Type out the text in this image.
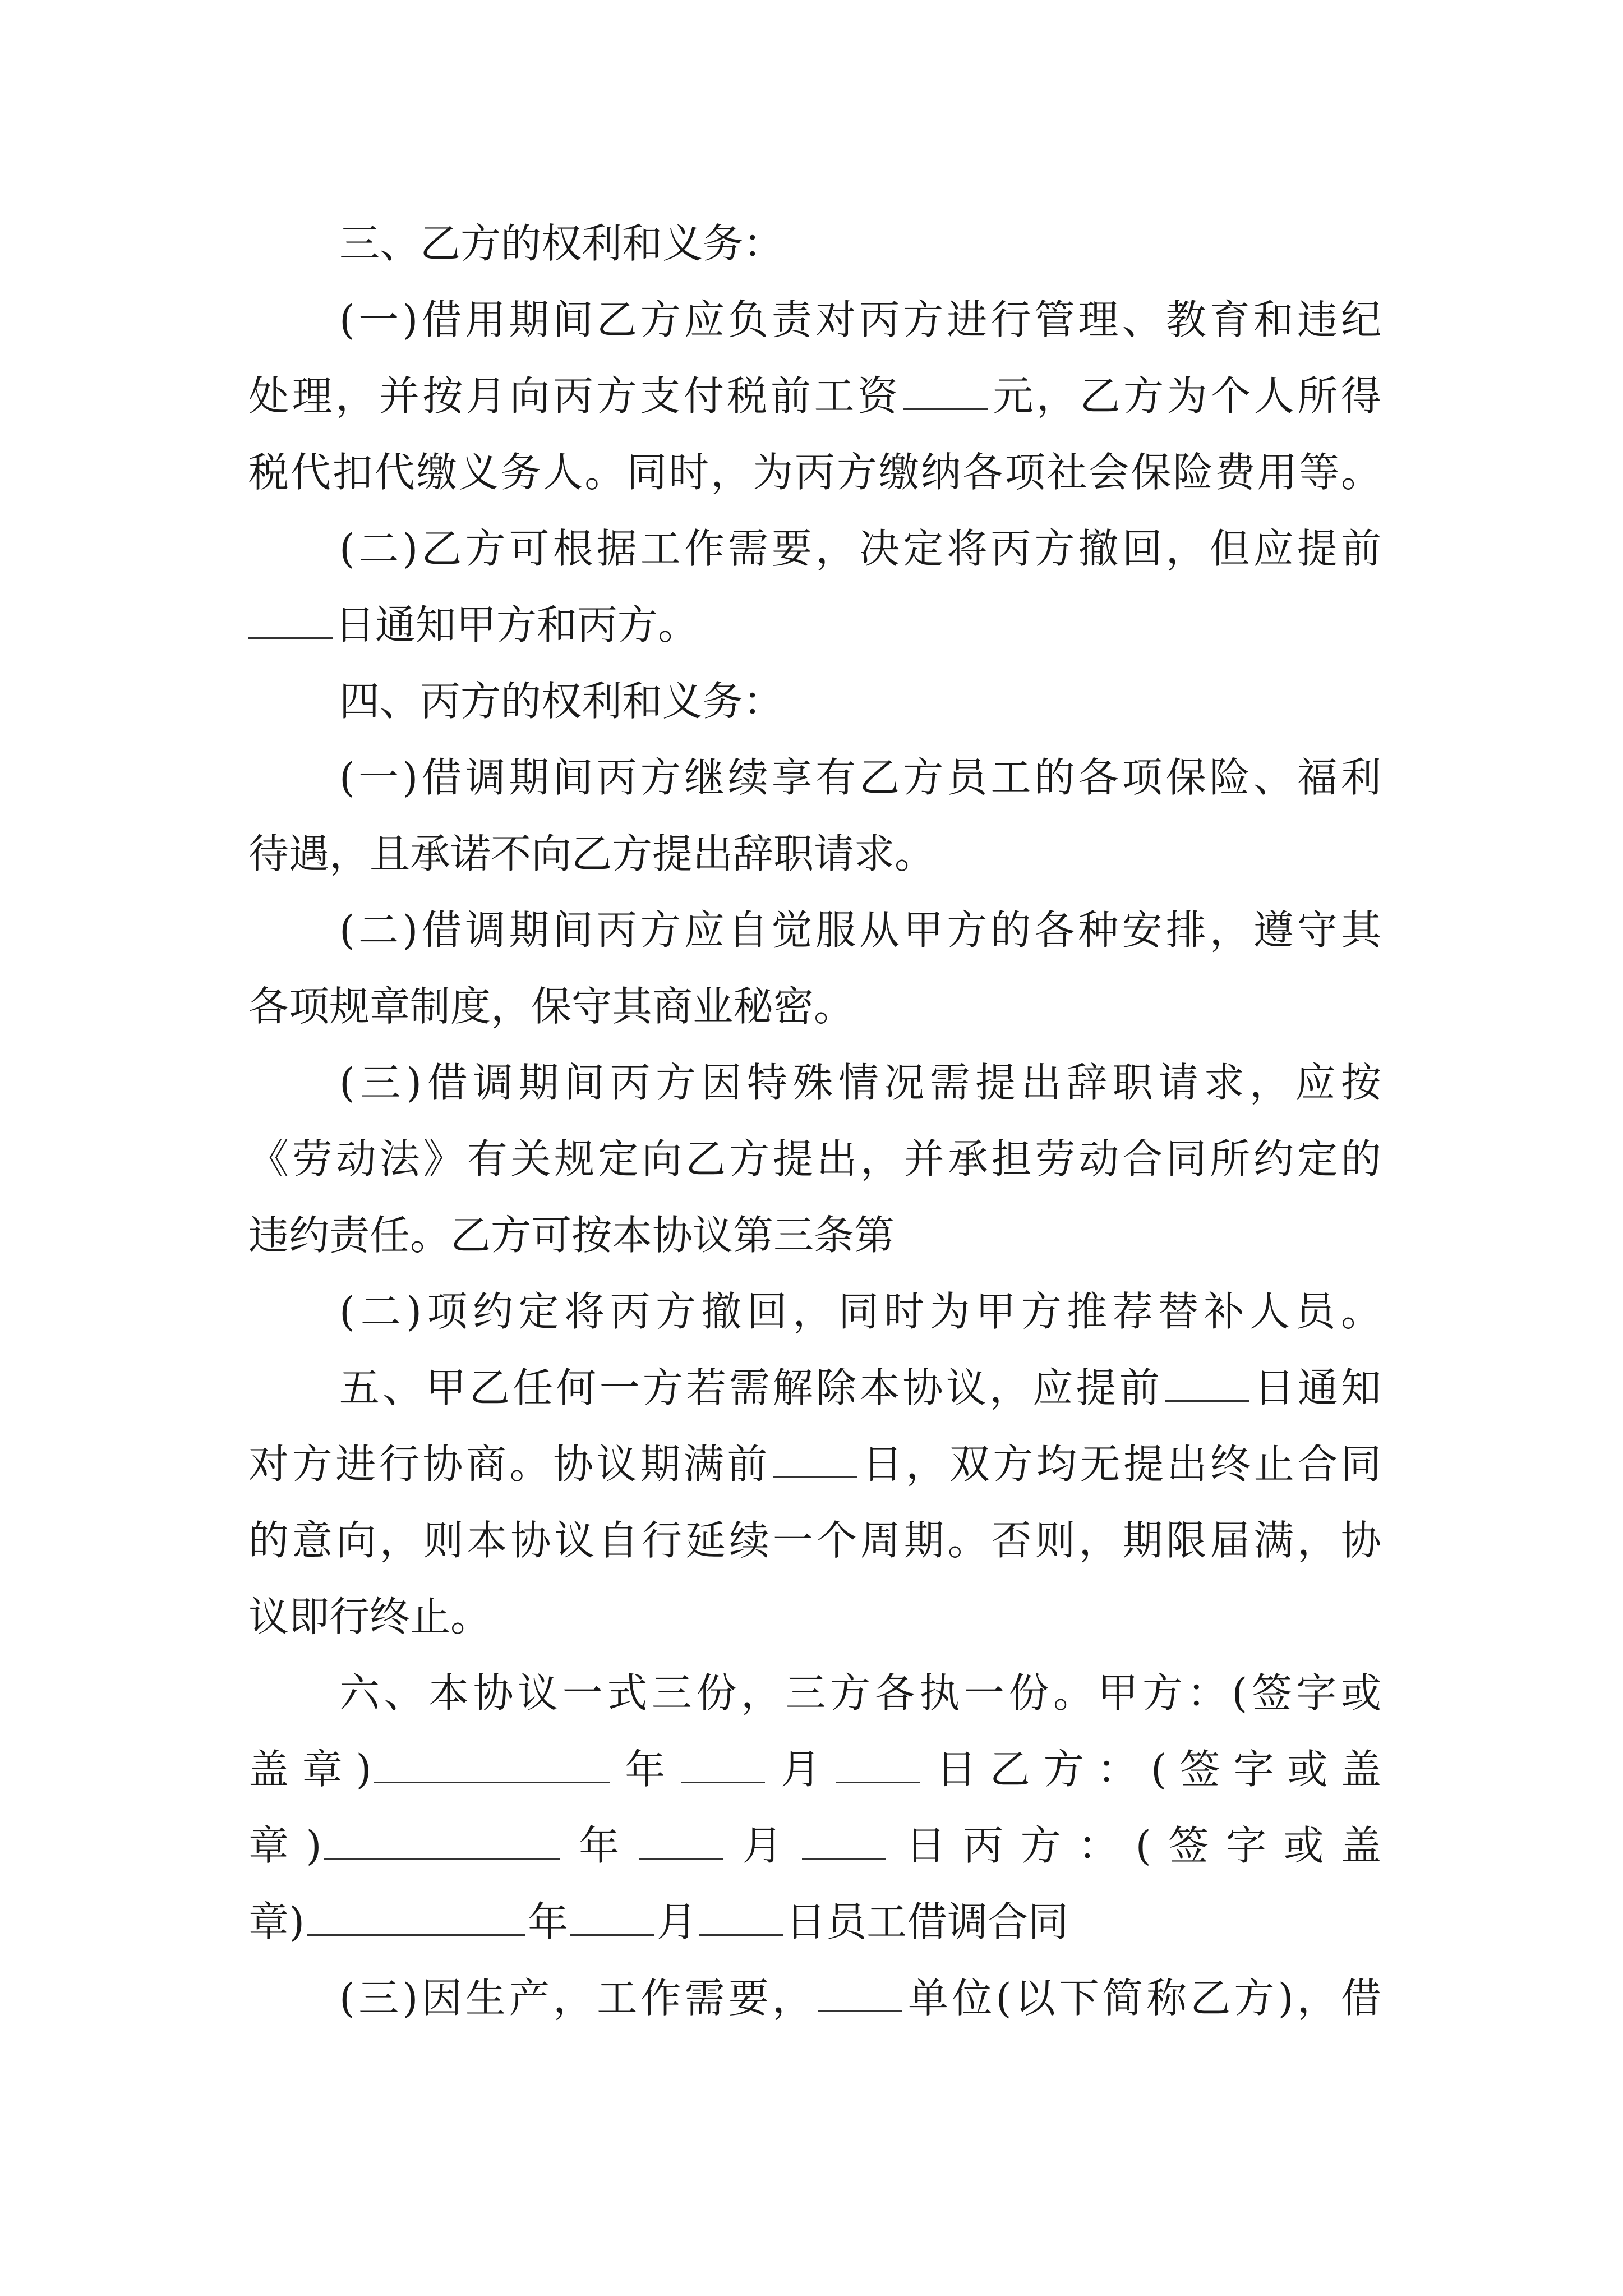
三、乙方的权利和义务：
(一)借用期间乙方应负责对丙方进行管理、教育和违纪
处理，并按月向丙方支付税前工资 元，乙方为个人所得
税代扣代缴义务人。同时，为丙方缴纳各项社会保险费用等。
(二)乙方可根据工作需要，决定将丙方撤回，但应提前
日通知甲方和丙方。
四、丙方的权利和义务：
(一)借调期间丙方继续享有乙方员工的各项保险、福利
待遇，且承诺不向乙方提出辞职请求。
(二)借调期间丙方应自觉服从甲方的各种安排，遵守其
各项规章制度，保守其商业秘密。
(三)借调期间丙方因特殊情况需提出辞职请求，应按
《劳动法》有关规定向乙方提出，并承担劳动合同所约定的
违约责任。乙方可按本协议第三条第
(二)项约定将丙方撤回，同时为甲方推荐替补人员。
五、甲乙任何一方若需解除本协议，应提前 日通知
对方进行协商。协议期满前 日，双方均无提出终止合同
的意向，则本协议自行延续一个周期。否则，期限届满，协
议即行终止。
六、本协议一式三份，三方各执一份。甲方：(签字或
盖章)	年 月 日乙方：(签字或盖
章)	年 月 日丙方：(签字或盖
章)	年 月 日员工借调合同
(三)因生产，工作需要， 单位(以下简称乙方)，借
